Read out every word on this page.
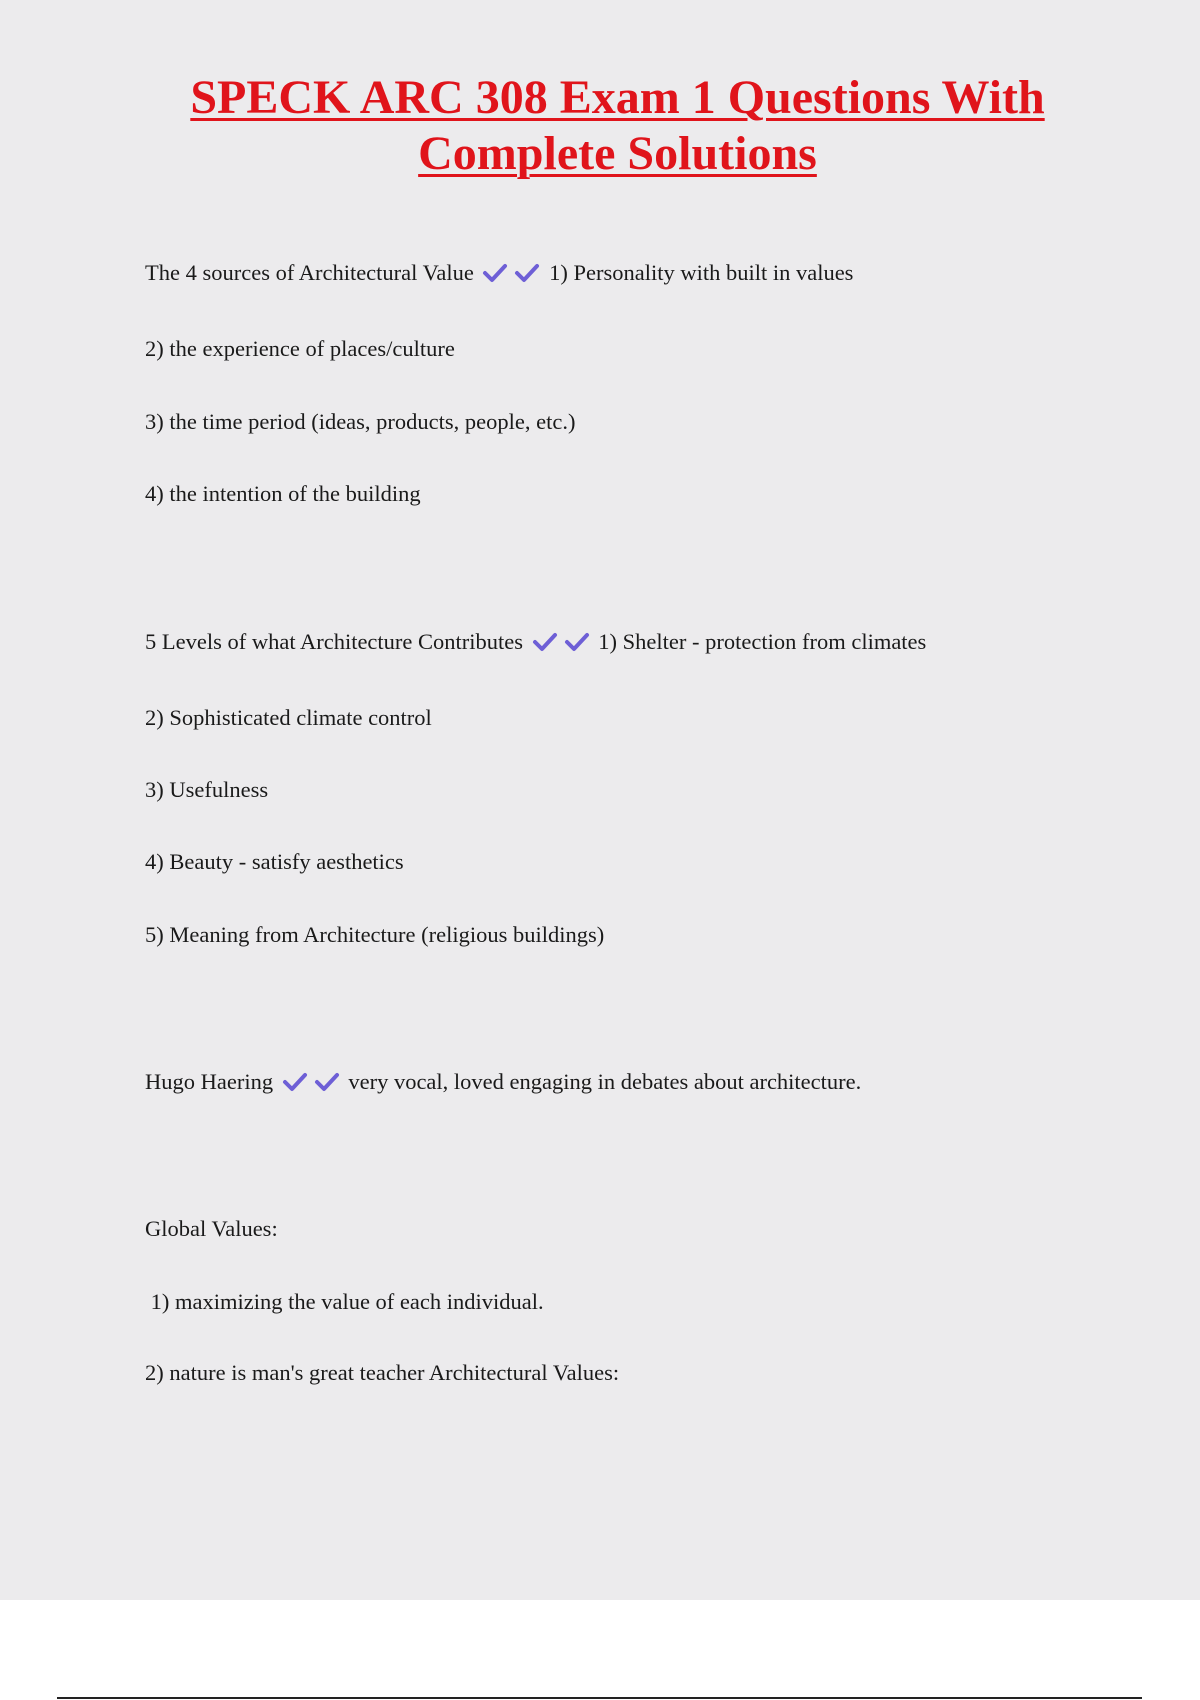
SPECK ARC 308 Exam 1 Questions With
Complete Solutions
The 4 sources of Architectural Value	1) Personality with built in values
2) the experience of places/culture
3) the time period (ideas, products, people, etc.)
4) the intention of the building
5 Levels of what Architecture Contributes	1) Shelter - protection from climates
2) Sophisticated climate control
3) Usefulness
4) Beauty - satisfy aesthetics
5) Meaning from Architecture (religious buildings)
Hugo Haering	very vocal, loved engaging in debates about architecture.
Global Values:
1) maximizing the value of each individual.
2) nature is man's great teacher Architectural Values:
